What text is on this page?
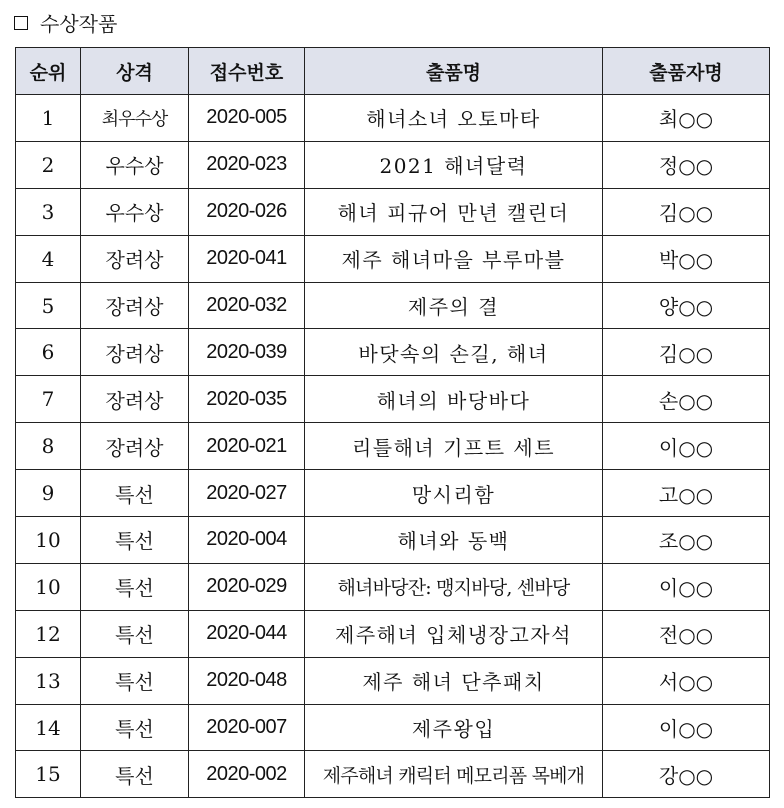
수상작품
순위	상격	접수번호	출품명	출품자명
1	최우수상	2020-005	해녀소녀 오토마타	최○○
2	우수상	2020-023	2021 해녀달력	정○○
3	우수상	2020-026	해녀 피규어 만년 캘린더	김○○
4	장려상	2020-041	제주 해녀마을 부루마블	박○○
5	장려상	2020-032	제주의 결	양○○
6	장려상	2020-039	바닷속의 손길, 해녀	김○○
7	장려상	2020-035	해녀의 바당바다	손○○
8	장려상	2020-021	리틀해녀 기프트 세트	이○○
9	특선	2020-027	망시리함	고○○
10	특선	2020-004	해녀와 동백	조○○
10	특선	2020-029	해녀바당잔: 맹지바당, 센바당	이○○
12	특선	2020-044	제주해녀 입체냉장고자석	전○○
13	특선	2020-048	제주 해녀 단추패치	서○○
14	특선	2020-007	제주왕입	이○○
15	특선	2020-002	제주해녀 캐릭터 메모리폼 목베개	강○○
